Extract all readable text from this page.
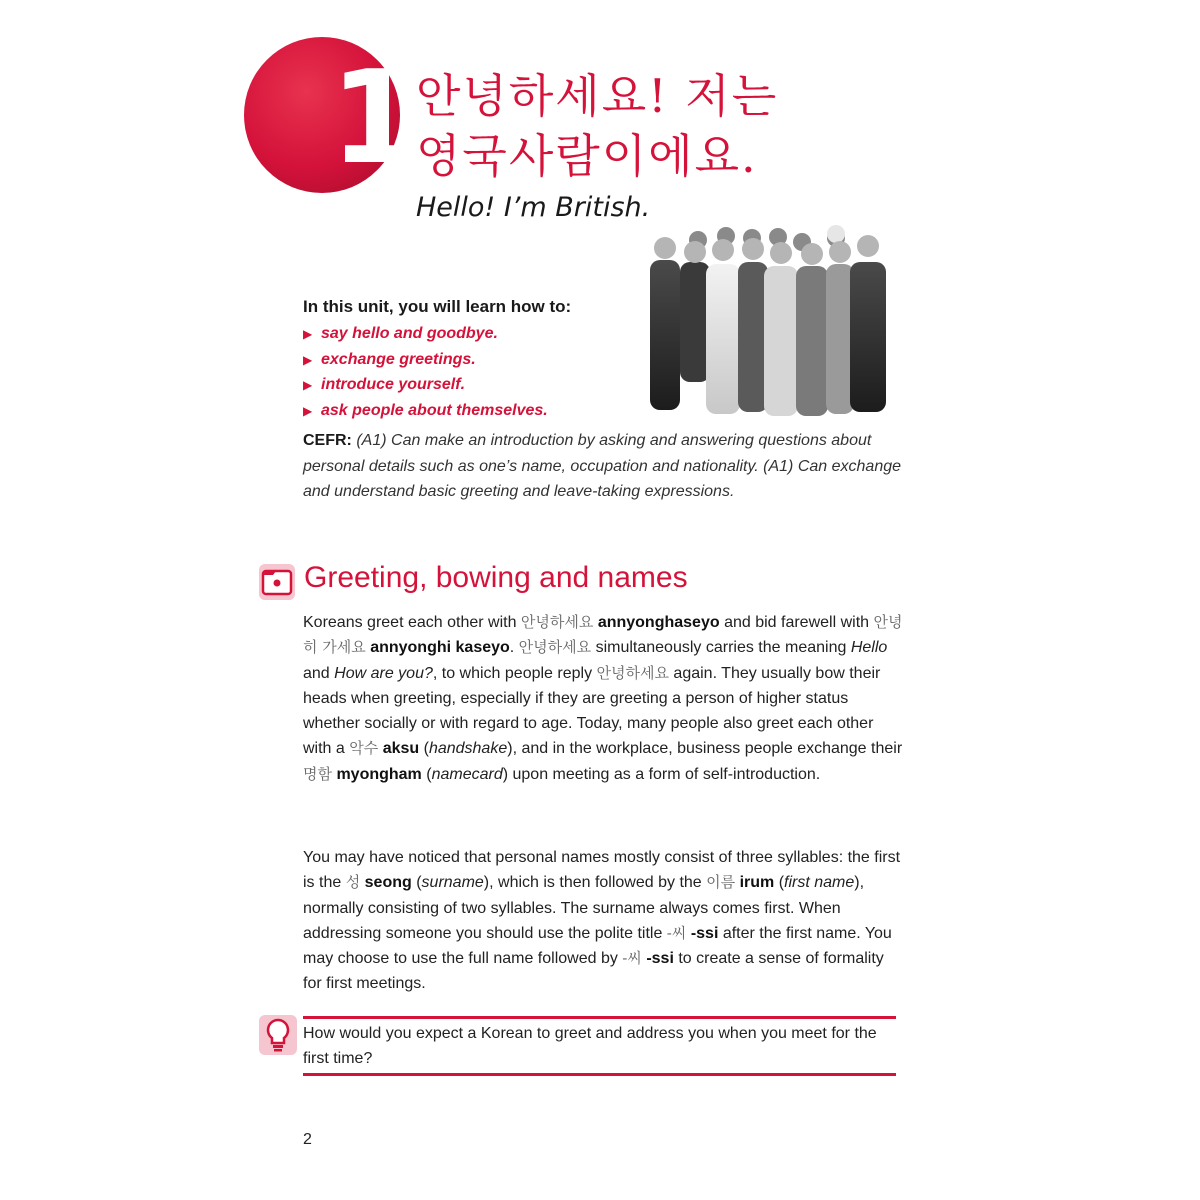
1
안녕하세요! 저는
영국사람이에요.
Hello! I’m British.
In this unit, you will learn how to:
▶ say hello and goodbye.
▶ exchange greetings.
▶ introduce yourself.
▶ ask people about themselves.
CEFR: (A1) Can make an introduction by asking and answering questions about personal details such as one’s name, occupation and nationality. (A1) Can exchange and understand basic greeting and leave-taking expressions.
Greeting, bowing and names
Koreans greet each other with 안녕하세요 annyonghaseyo and bid farewell with 안녕히 가세요 annyonghi kaseyo. 안녕하세요 simultaneously carries the meaning Hello and How are you?, to which people reply 안녕하세요 again. They usually bow their heads when greeting, especially if they are greeting a person of higher status whether socially or with regard to age. Today, many people also greet each other with a 악수 aksu (handshake), and in the workplace, business people exchange their 명함 myongham (namecard) upon meeting as a form of self-introduction.
You may have noticed that personal names mostly consist of three syllables: the first is the 성 seong (surname), which is then followed by the 이름 irum (first name), normally consisting of two syllables. The surname always comes first. When addressing someone you should use the polite title -씨 -ssi after the first name. You may choose to use the full name followed by -씨 -ssi to create a sense of formality for first meetings.
How would you expect a Korean to greet and address you when you meet for the first time?
2
